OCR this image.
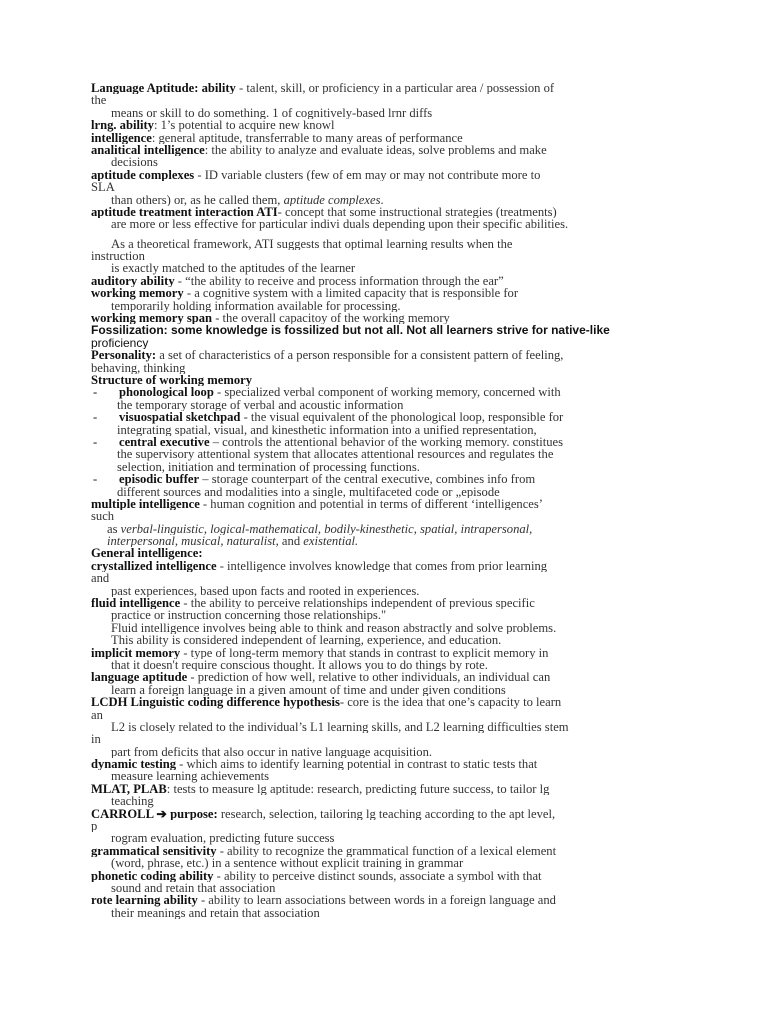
Language Aptitude: ability - talent, skill, or proficiency in a particular area / possession of
the
means or skill to do something. 1 of cognitively-based lrnr diffs
lrng. ability: 1’s potential to acquire new knowl
intelligence: general aptitude, transferrable to many areas of performance
analitical intelligence: the ability to analyze and evaluate ideas, solve problems and make
decisions
aptitude complexes - ID variable clusters (few of em may or may not contribute more to
SLA
than others) or, as he called them, aptitude complexes.
aptitude treatment interaction ATI- concept that some instructional strategies (treatments)
are more or less effective for particular indivi duals depending upon their specific abilities.
As a theoretical framework, ATI suggests that optimal learning results when the
instruction
is exactly matched to the aptitudes of the learner
auditory ability - “the ability to receive and process information through the ear”
working memory - a cognitive system with a limited capacity that is responsible for
temporarily holding information available for processing.
working memory span - the overall capacitoy of the working memory
Fossilization: some knowledge is fossilized but not all. Not all learners strive for native-like
proficiency
Personality: a set of characteristics of a person responsible for a consistent pattern of feeling,
behaving, thinking
Structure of working memory
- phonological loop - specialized verbal component of working memory, concerned with
the temporary storage of verbal and acoustic information
- visuospatial sketchpad - the visual equivalent of the phonological loop, responsible for
integrating spatial, visual, and kinesthetic information into a unified representation,
- central executive – controls the attentional behavior of the working memory. constitues
the supervisory attentional system that allocates attentional resources and regulates the
selection, initiation and termination of processing functions.
- episodic buffer – storage counterpart of the central executive, combines info from
different sources and modalities into a single, multifaceted code or „episode
multiple intelligence - human cognition and potential in terms of different ‘intelligences’
such
as verbal-linguistic, logical-mathematical, bodily-kinesthetic, spatial, intrapersonal,
interpersonal, musical, naturalist, and existential.
General intelligence:
crystallized intelligence - intelligence involves knowledge that comes from prior learning
and
past experiences, based upon facts and rooted in experiences.
fluid intelligence - the ability to perceive relationships independent of previous specific
practice or instruction concerning those relationships."
Fluid intelligence involves being able to think and reason abstractly and solve problems.
This ability is considered independent of learning, experience, and education.
implicit memory - type of long-term memory that stands in contrast to explicit memory in
that it doesn't require conscious thought. It allows you to do things by rote.
language aptitude - prediction of how well, relative to other individuals, an individual can
learn a foreign language in a given amount of time and under given conditions
LCDH Linguistic coding difference hypothesis- core is the idea that one’s capacity to learn
an
L2 is closely related to the individual’s L1 learning skills, and L2 learning difficulties stem
in
part from deficits that also occur in native language acquisition.
dynamic testing - which aims to identify learning potential in contrast to static tests that
measure learning achievements
MLAT, PLAB: tests to measure lg aptitude: research, predicting future success, to tailor lg
teaching
CARROLL ➔ purpose: research, selection, tailoring lg teaching according to the apt level,
p
rogram evaluation, predicting future success
grammatical sensitivity - ability to recognize the grammatical function of a lexical element
(word, phrase, etc.) in a sentence without explicit training in grammar
phonetic coding ability - ability to perceive distinct sounds, associate a symbol with that
sound and retain that association
rote learning ability - ability to learn associations between words in a foreign language and
their meanings and retain that association
